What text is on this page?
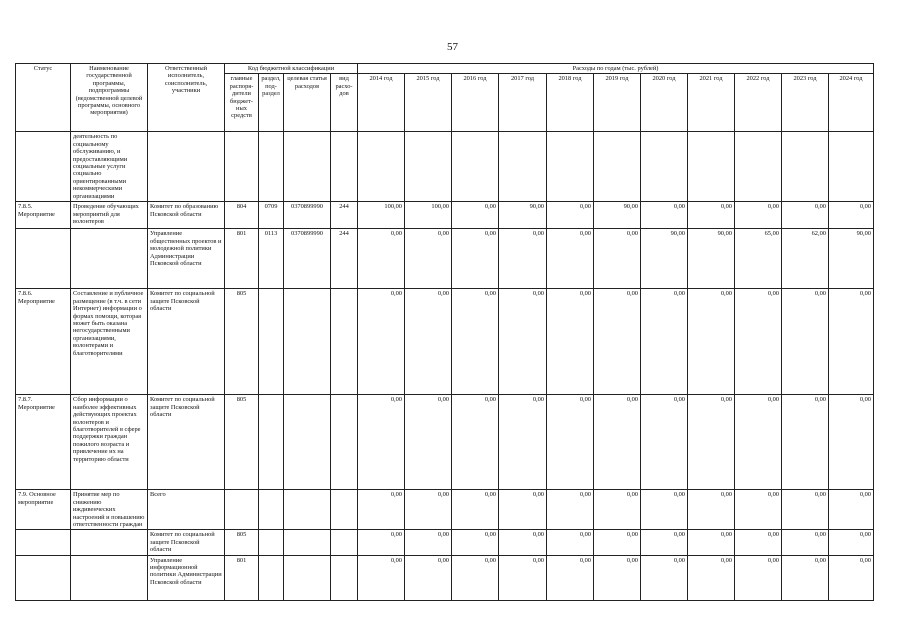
57
Статус	Наименование государственной программы, подпрограммы (ведомственной целевой программы, основного мероприятия)	Ответственный исполнитель, соисполнитель, участники	Код бюджетной классификации				Расходы по годам (тыс. рублей)										
			главные распоря-дители бюджет-ных средств	раздел, под-раздел	целевая статья расходов	вид расхо-дов	2014 год	2015 год	2016 год	2017 год	2018 год	2019 год	2020 год	2021 год	2022 год	2023 год	2024 год
	деятельность по социальному обслуживанию, и предоставляющими социальные услуги социально ориентированными некоммерческими организациями																
7.8.5. Мероприятие	Проведение обучающих мероприятий для волонтеров	Комитет по образованию Псковской области	804	0709	0370899990	244	100,00	100,00	0,00	90,00	0,00	90,00	0,00	0,00	0,00	0,00	0,00
		Управление общественных проектов и молодежной политики Администрации Псковской области	801	0113	0370899990	244	0,00	0,00	0,00	0,00	0,00	0,00	90,00	90,00	65,00	62,00	90,00
7.8.6. Мероприятие	Составление и публичное размещение (в т.ч. в сети Интернет) информации о формах помощи, которая может быть оказана негосударственными организациями, волонтерами и благотворителями	Комитет по социальной защите Псковской области	805				0,00	0,00	0,00	0,00	0,00	0,00	0,00	0,00	0,00	0,00	0,00
7.8.7. Мероприятие	Сбор информации о наиболее эффективных действующих проектах волонтеров и благотворителей в сфере поддержки граждан пожилого возраста и привлечение их на территорию области	Комитет по социальной защите Псковской области	805				0,00	0,00	0,00	0,00	0,00	0,00	0,00	0,00	0,00	0,00	0,00
7.9. Основное мероприятие	Принятие мер по снижению иждивенческих настроений и повышению ответственности граждан	Всего					0,00	0,00	0,00	0,00	0,00	0,00	0,00	0,00	0,00	0,00	0,00
		Комитет по социальной защите Псковской области	805				0,00	0,00	0,00	0,00	0,00	0,00	0,00	0,00	0,00	0,00	0,00
		Управление информационной политики Администрации Псковской области	801				0,00	0,00	0,00	0,00	0,00	0,00	0,00	0,00	0,00	0,00	0,00
